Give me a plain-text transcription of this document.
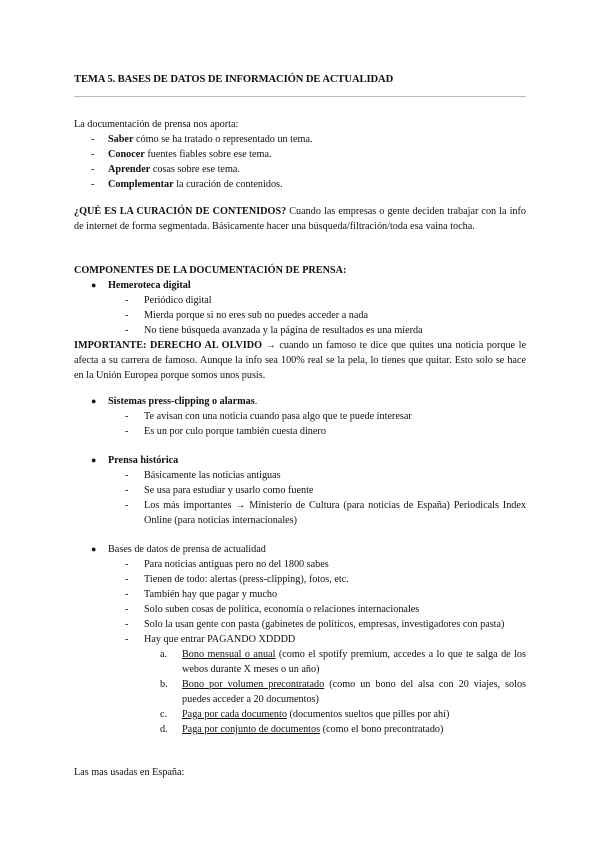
TEMA 5. BASES DE DATOS DE INFORMACIÓN DE ACTUALIDAD
La documentación de prensa nos aporta:
- Saber cómo se ha tratado o representado un tema.
- Conocer fuentes fiables sobre ese tema.
- Aprender cosas sobre ese tema.
- Complementar la curación de contenidos.
¿QUÉ ES LA CURACIÓN DE CONTENIDOS? Cuando las empresas o gente deciden trabajar con la info de internet de forma segmentada. Básicamente hacer una búsqueda/filtración/toda esa vaina tocha.
COMPONENTES DE LA DOCUMENTACIÓN DE PRENSA:
● Hemeroteca digital
- Periódico digital
- Mierda porque si no eres sub no puedes acceder a nada
- No tiene búsqueda avanzada y la página de resultados es una mierda
IMPORTANTE: DERECHO AL OLVIDO → cuando un famoso te dice que quites una noticia porque le afecta a su carrera de famoso. Aunque la info sea 100% real se la pela, lo tienes que quitar. Esto solo se hace en la Unión Europea porque somos unos pusis.
● Sistemas press-clipping o alarmas.
- Te avisan con una noticia cuando pasa algo que te puede interesar
- Es un por culo porque también cuesta dinero
● Prensa histórica
- Básicamente las noticias antiguas
- Se usa para estudiar y usarlo como fuente
- Los más importantes → Ministerio de Cultura (para noticias de España) Periodicals Index Online (para noticias internacionales)
● Bases de datos de prensa de actualidad
- Para noticias antiguas pero no del 1800 sabes
- Tienen de todo: alertas (press-clipping), fotos, etc.
- También hay que pagar y mucho
- Solo suben cosas de política, economía o relaciones internacionales
- Solo la usan gente con pasta (gabinetes de políticos, empresas, investigadores con pasta)
- Hay que entrar PAGANDO XDDDD
a. Bono mensual o anual (como el spotify premium, accedes a lo que te salga de los webos durante X meses o un año)
b. Bono por volumen precontratado (como un bono del alsa con 20 viajes, solos puedes acceder a 20 documentos)
c. Paga por cada documento (documentos sueltos que pilles por ahí)
d. Paga por conjunto de documentos (como el bono precontratado)
Las mas usadas en España:
